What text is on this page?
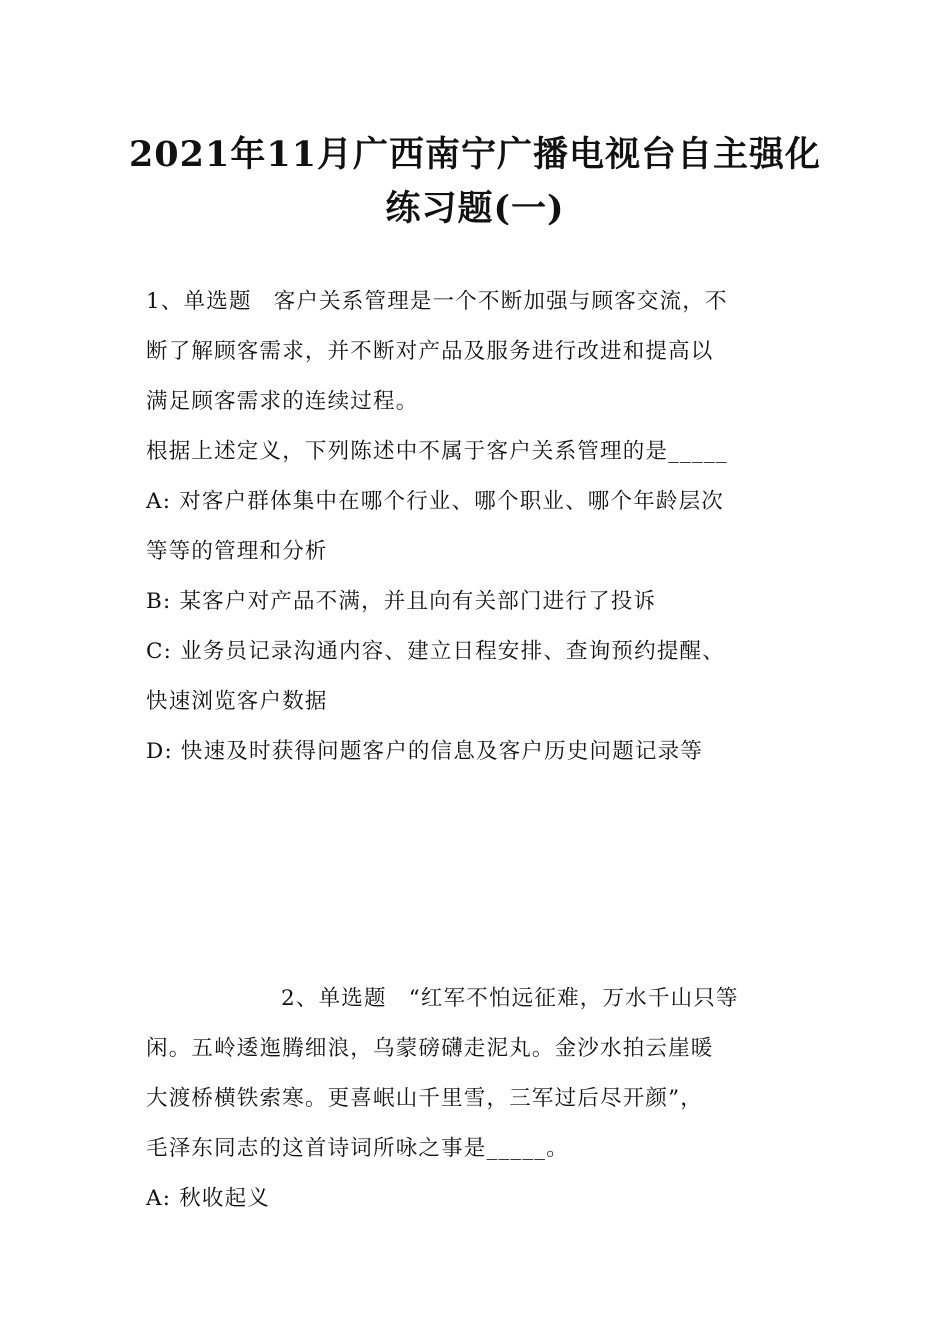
2021年11月广西南宁广播电视台自主强化
练习题(一)
1、单选题 客户关系管理是一个不断加强与顾客交流，不
断了解顾客需求，并不断对产品及服务进行改进和提高以
满足顾客需求的连续过程。
根据上述定义，下列陈述中不属于客户关系管理的是_____
A: 对客户群体集中在哪个行业、哪个职业、哪个年龄层次
等等的管理和分析
B: 某客户对产品不满，并且向有关部门进行了投诉
C: 业务员记录沟通内容、建立日程安排、查询预约提醒、
快速浏览客户数据
D: 快速及时获得问题客户的信息及客户历史问题记录等
2、单选题 “红军不怕远征难，万水千山只等
闲。五岭逶迤腾细浪，乌蒙磅礴走泥丸。金沙水拍云崖暖
大渡桥横铁索寒。更喜岷山千里雪，三军过后尽开颜”，
毛泽东同志的这首诗词所咏之事是_____。
A: 秋收起义
